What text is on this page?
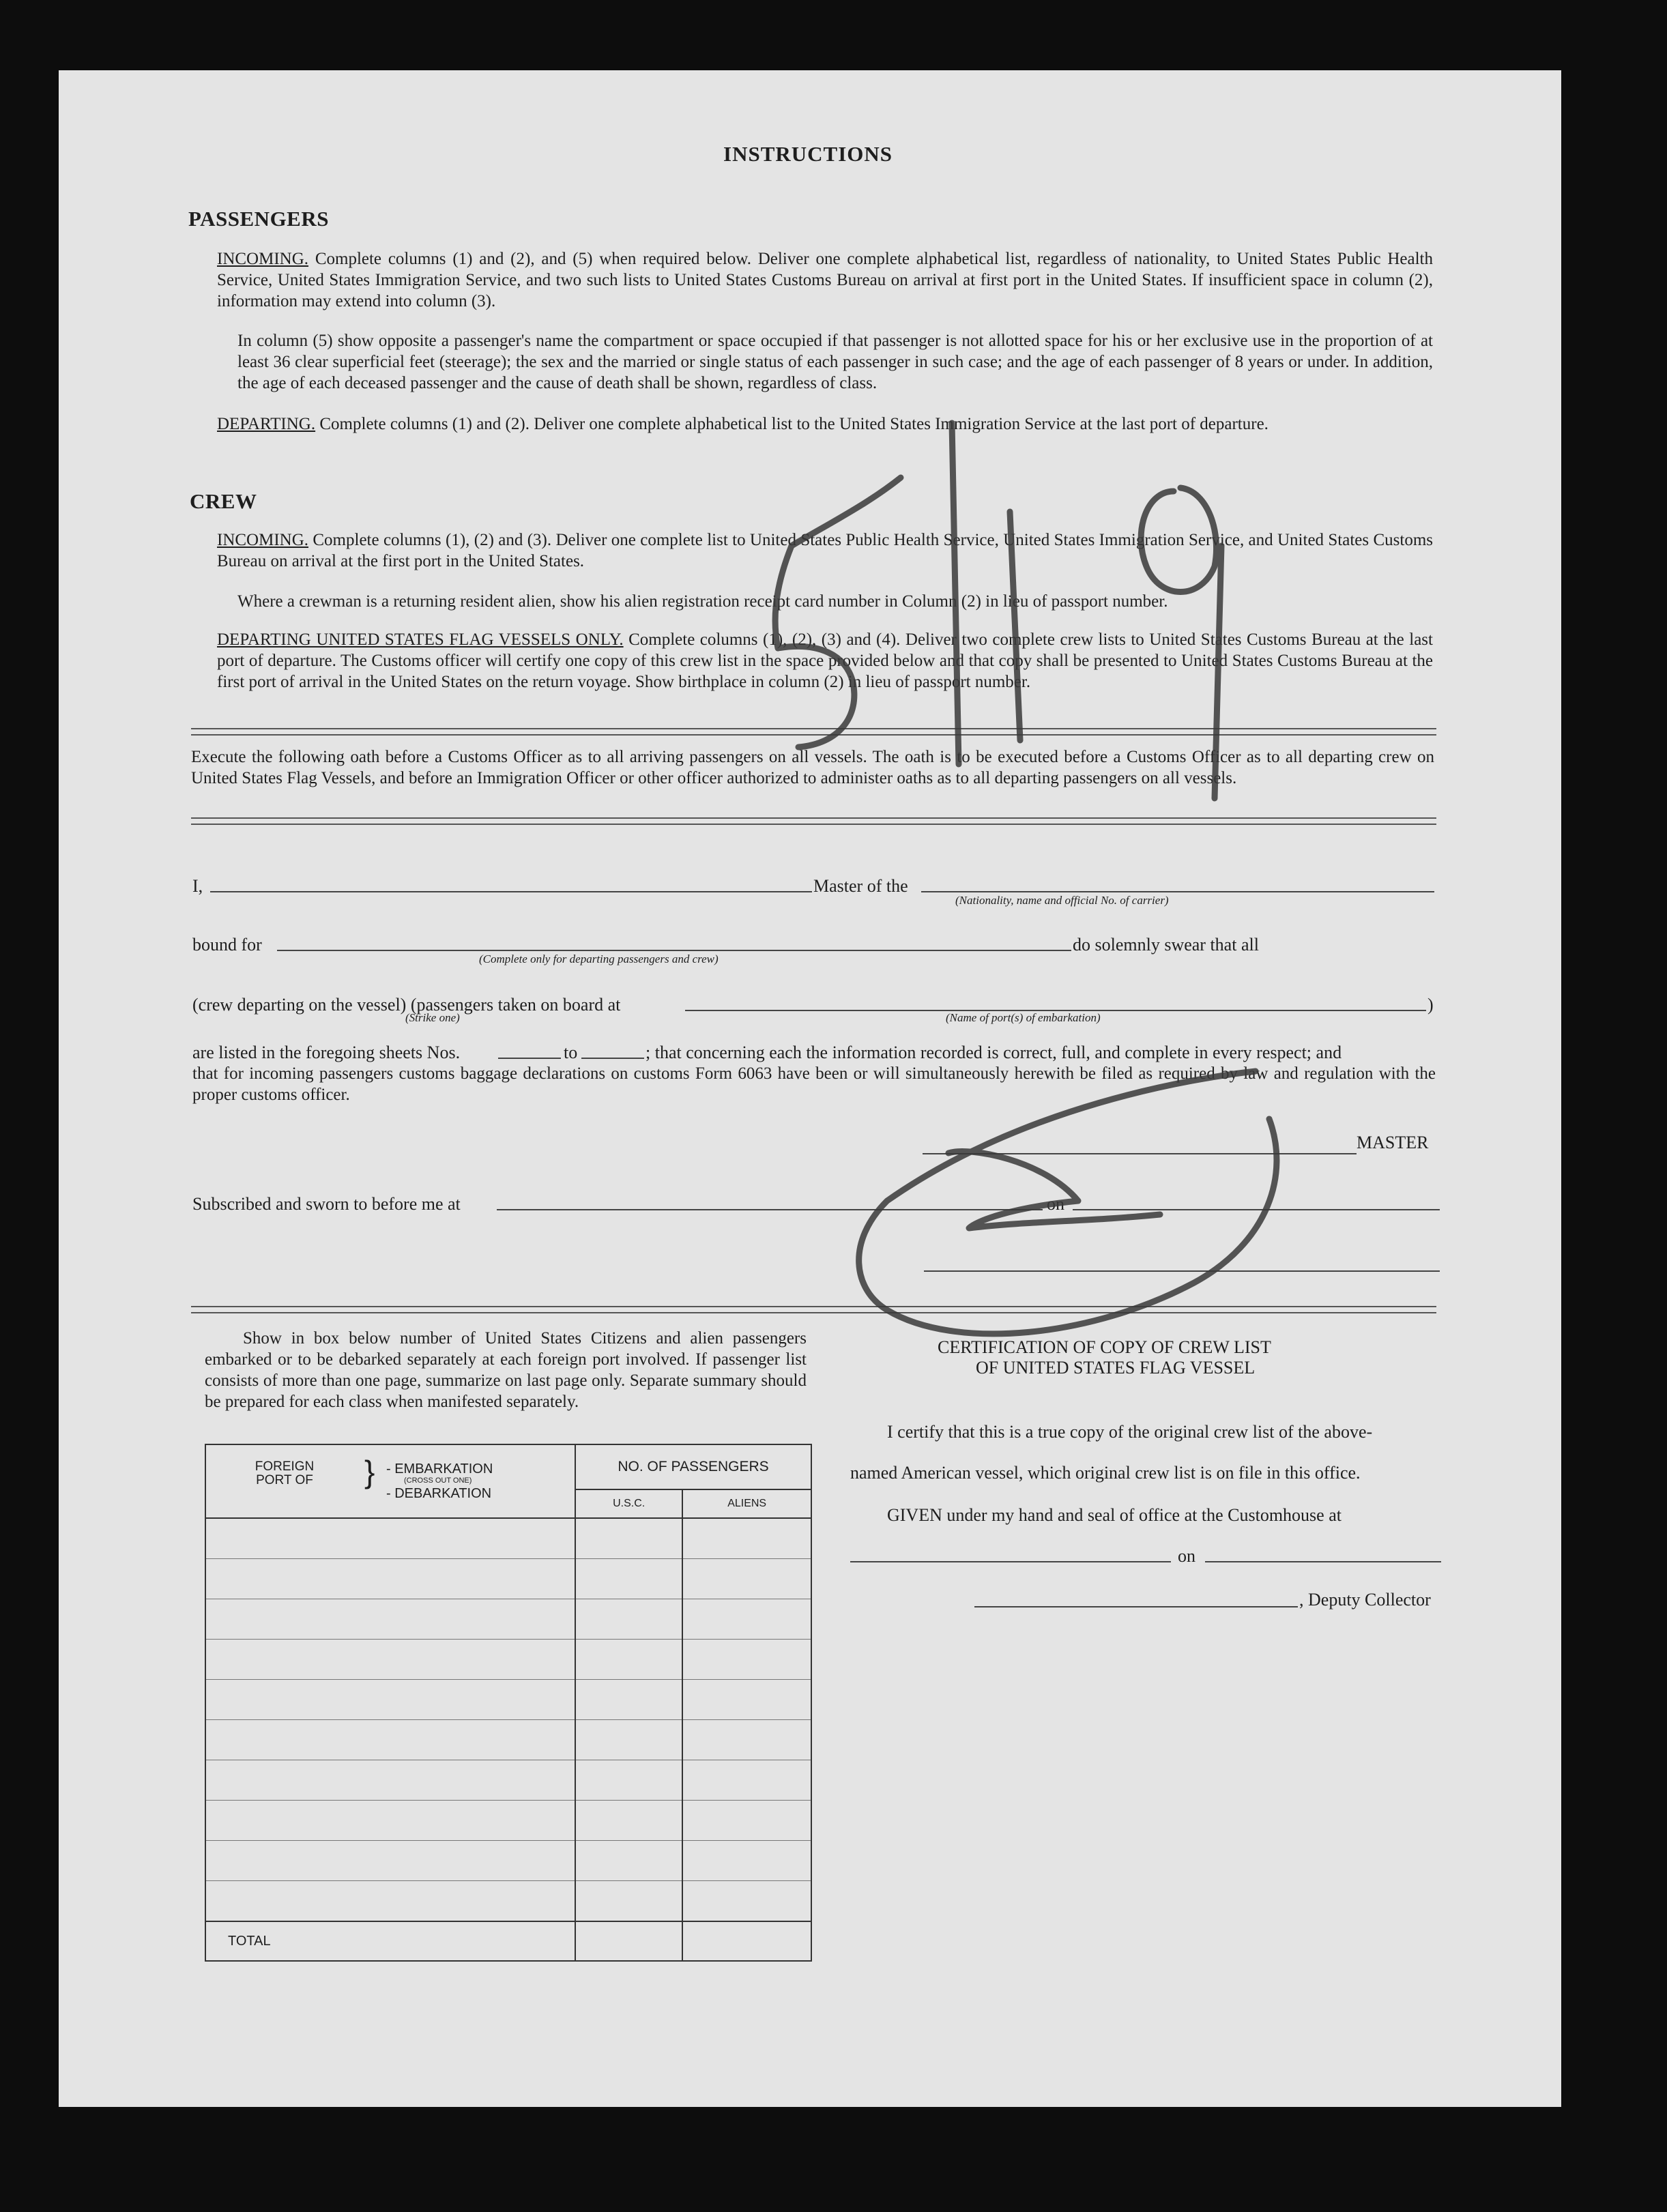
INSTRUCTIONS
PASSENGERS
INCOMING. Complete columns (1) and (2), and (5) when required below. Deliver one complete alphabetical list, regardless of nationality, to United States Public Health Service, United States Immigration Service, and two such lists to United States Customs Bureau on arrival at first port in the United States. If insufficient space in column (2), information may extend into column (3).
In column (5) show opposite a passenger's name the compartment or space occupied if that passenger is not allotted space for his or her exclusive use in the proportion of at least 36 clear superficial feet (steerage); the sex and the married or single status of each passenger in such case; and the age of each passenger of 8 years or under. In addition, the age of each deceased passenger and the cause of death shall be shown, regardless of class.
DEPARTING. Complete columns (1) and (2). Deliver one complete alphabetical list to the United States Immigration Service at the last port of departure.
CREW
INCOMING. Complete columns (1), (2) and (3). Deliver one complete list to United States Public Health Service, United States Immigration Service, and United States Customs Bureau on arrival at the first port in the United States.
Where a crewman is a returning resident alien, show his alien registration receipt card number in Column (2) in lieu of passport number.
DEPARTING UNITED STATES FLAG VESSELS ONLY. Complete columns (1), (2), (3) and (4). Deliver two complete crew lists to United States Customs Bureau at the last port of departure. The Customs officer will certify one copy of this crew list in the space provided below and that copy shall be presented to United States Customs Bureau at the first port of arrival in the United States on the return voyage. Show birthplace in column (2) in lieu of passport number.
Execute the following oath before a Customs Officer as to all arriving passengers on all vessels. The oath is to be executed before a Customs Officer as to all departing crew on United States Flag Vessels, and before an Immigration Officer or other officer authorized to administer oaths as to all departing passengers on all vessels.
I,	Master of the
(Nationality, name and official No. of carrier)
bound for	do solemnly swear that all
(Complete only for departing passengers and crew)
(crew departing on the vessel) (passengers taken on board at	)
(Strike one)	(Name of port(s) of embarkation)
are listed in the foregoing sheets Nos.	to	; that concerning each the information recorded is correct, full, and complete in every respect; and
that for incoming passengers customs baggage declarations on customs Form 6063 have been or will simultaneously herewith be filed as required by law and regulation with the proper customs officer.
MASTER
Subscribed and sworn to before me at	on
Show in box below number of United States Citizens and alien passengers embarked or to be debarked separately at each foreign port involved. If passenger list consists of more than one page, summarize on last page only. Separate summary should be prepared for each class when manifested separately.
FOREIGN PORT OF } - EMBARKATION
(CROSS OUT ONE)
- DEBARKATION	NO. OF PASSENGERS	
	U.S.C.	ALIENS

TOTAL		
CERTIFICATION OF COPY OF CREW LIST
OF UNITED STATES FLAG VESSEL
I certify that this is a true copy of the original crew list of the above-
named American vessel, which original crew list is on file in this office.
GIVEN under my hand and seal of office at the Customhouse at
on
, Deputy Collector
